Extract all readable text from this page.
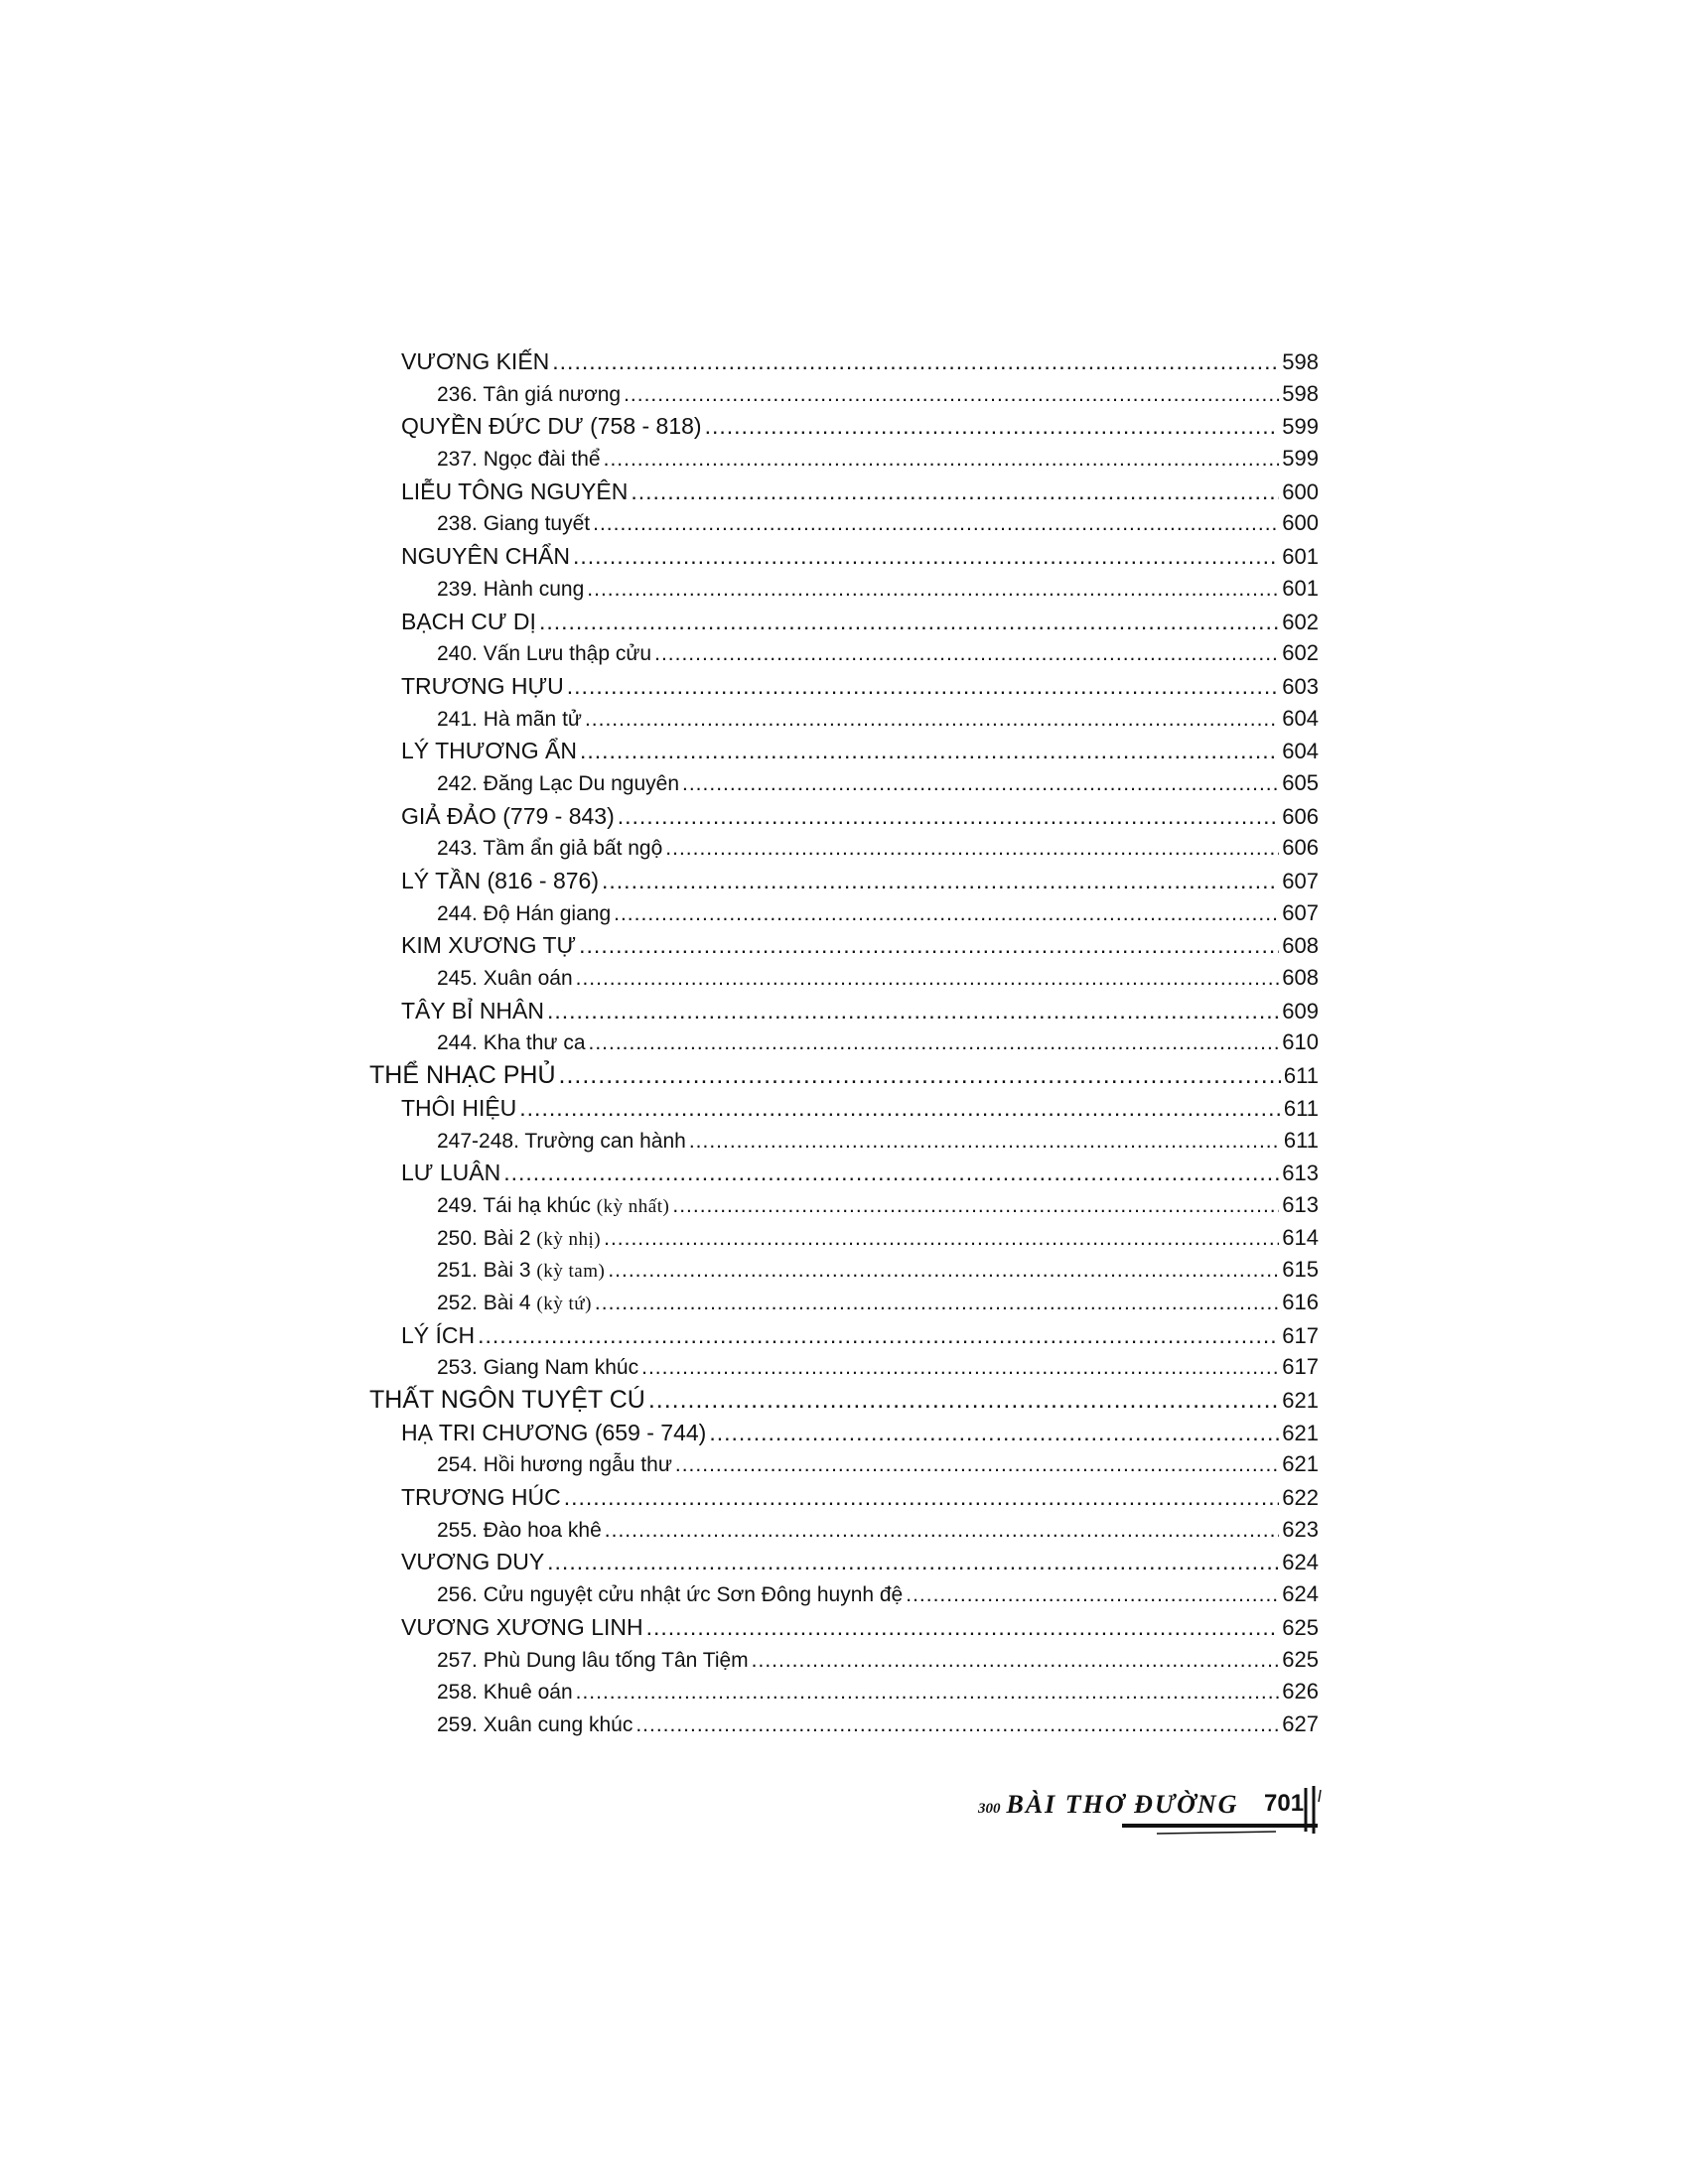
VƯƠNG KIẾN .....	598
236. Tân giá nương .....	598
QUYỀN ĐỨC DƯ (758 - 818) .....	599
237. Ngọc đài thể .....	599
LIỄU TÔNG NGUYÊN .....	600
238. Giang tuyết .....	600
NGUYÊN CHẨN .....	601
239. Hành cung .....	601
BẠCH CƯ DỊ .....	602
240. Vấn Lưu thập cửu .....	602
TRƯƠNG HỰU .....	603
241. Hà mãn tử .....	604
LÝ THƯƠNG ẨN .....	604
242. Đăng Lạc Du nguyên .....	605
GIẢ ĐẢO (779 - 843) .....	606
243. Tầm ẩn giả bất ngộ .....	606
LÝ TẦN (816 - 876) .....	607
244. Độ Hán giang .....	607
KIM XƯƠNG TỰ .....	608
245. Xuân oán .....	608
TÂY BỈ NHÂN .....	609
244. Kha thư ca .....	610
THỂ NHẠC PHỦ .....	611
THÔI HIỆU .....	611
247-248. Trường can hành .....	611
LƯ LUÂN .....	613
249. Tái hạ khúc (kỳ nhất) .....	613
250. Bài 2 (kỳ nhị) .....	614
251. Bài 3 (kỳ tam) .....	615
252. Bài 4 (kỳ tứ) .....	616
LÝ ÍCH .....	617
253. Giang Nam khúc .....	617
THẤT NGÔN TUYỆT CÚ .....	621
HẠ TRI CHƯƠNG (659 - 744) .....	621
254. Hồi hương ngẫu thư .....	621
TRƯƠNG HÚC .....	622
255. Đào hoa khê .....	623
VƯƠNG DUY .....	624
256. Cửu nguyệt cửu nhật ức Sơn Đông huynh đệ .....	624
VƯƠNG XƯƠNG LINH .....	625
257. Phù Dung lâu tống Tân Tiệm .....	625
258. Khuê oán .....	626
259. Xuân cung khúc .....	627
300 BÀI THƠ ĐƯỜNG 701
